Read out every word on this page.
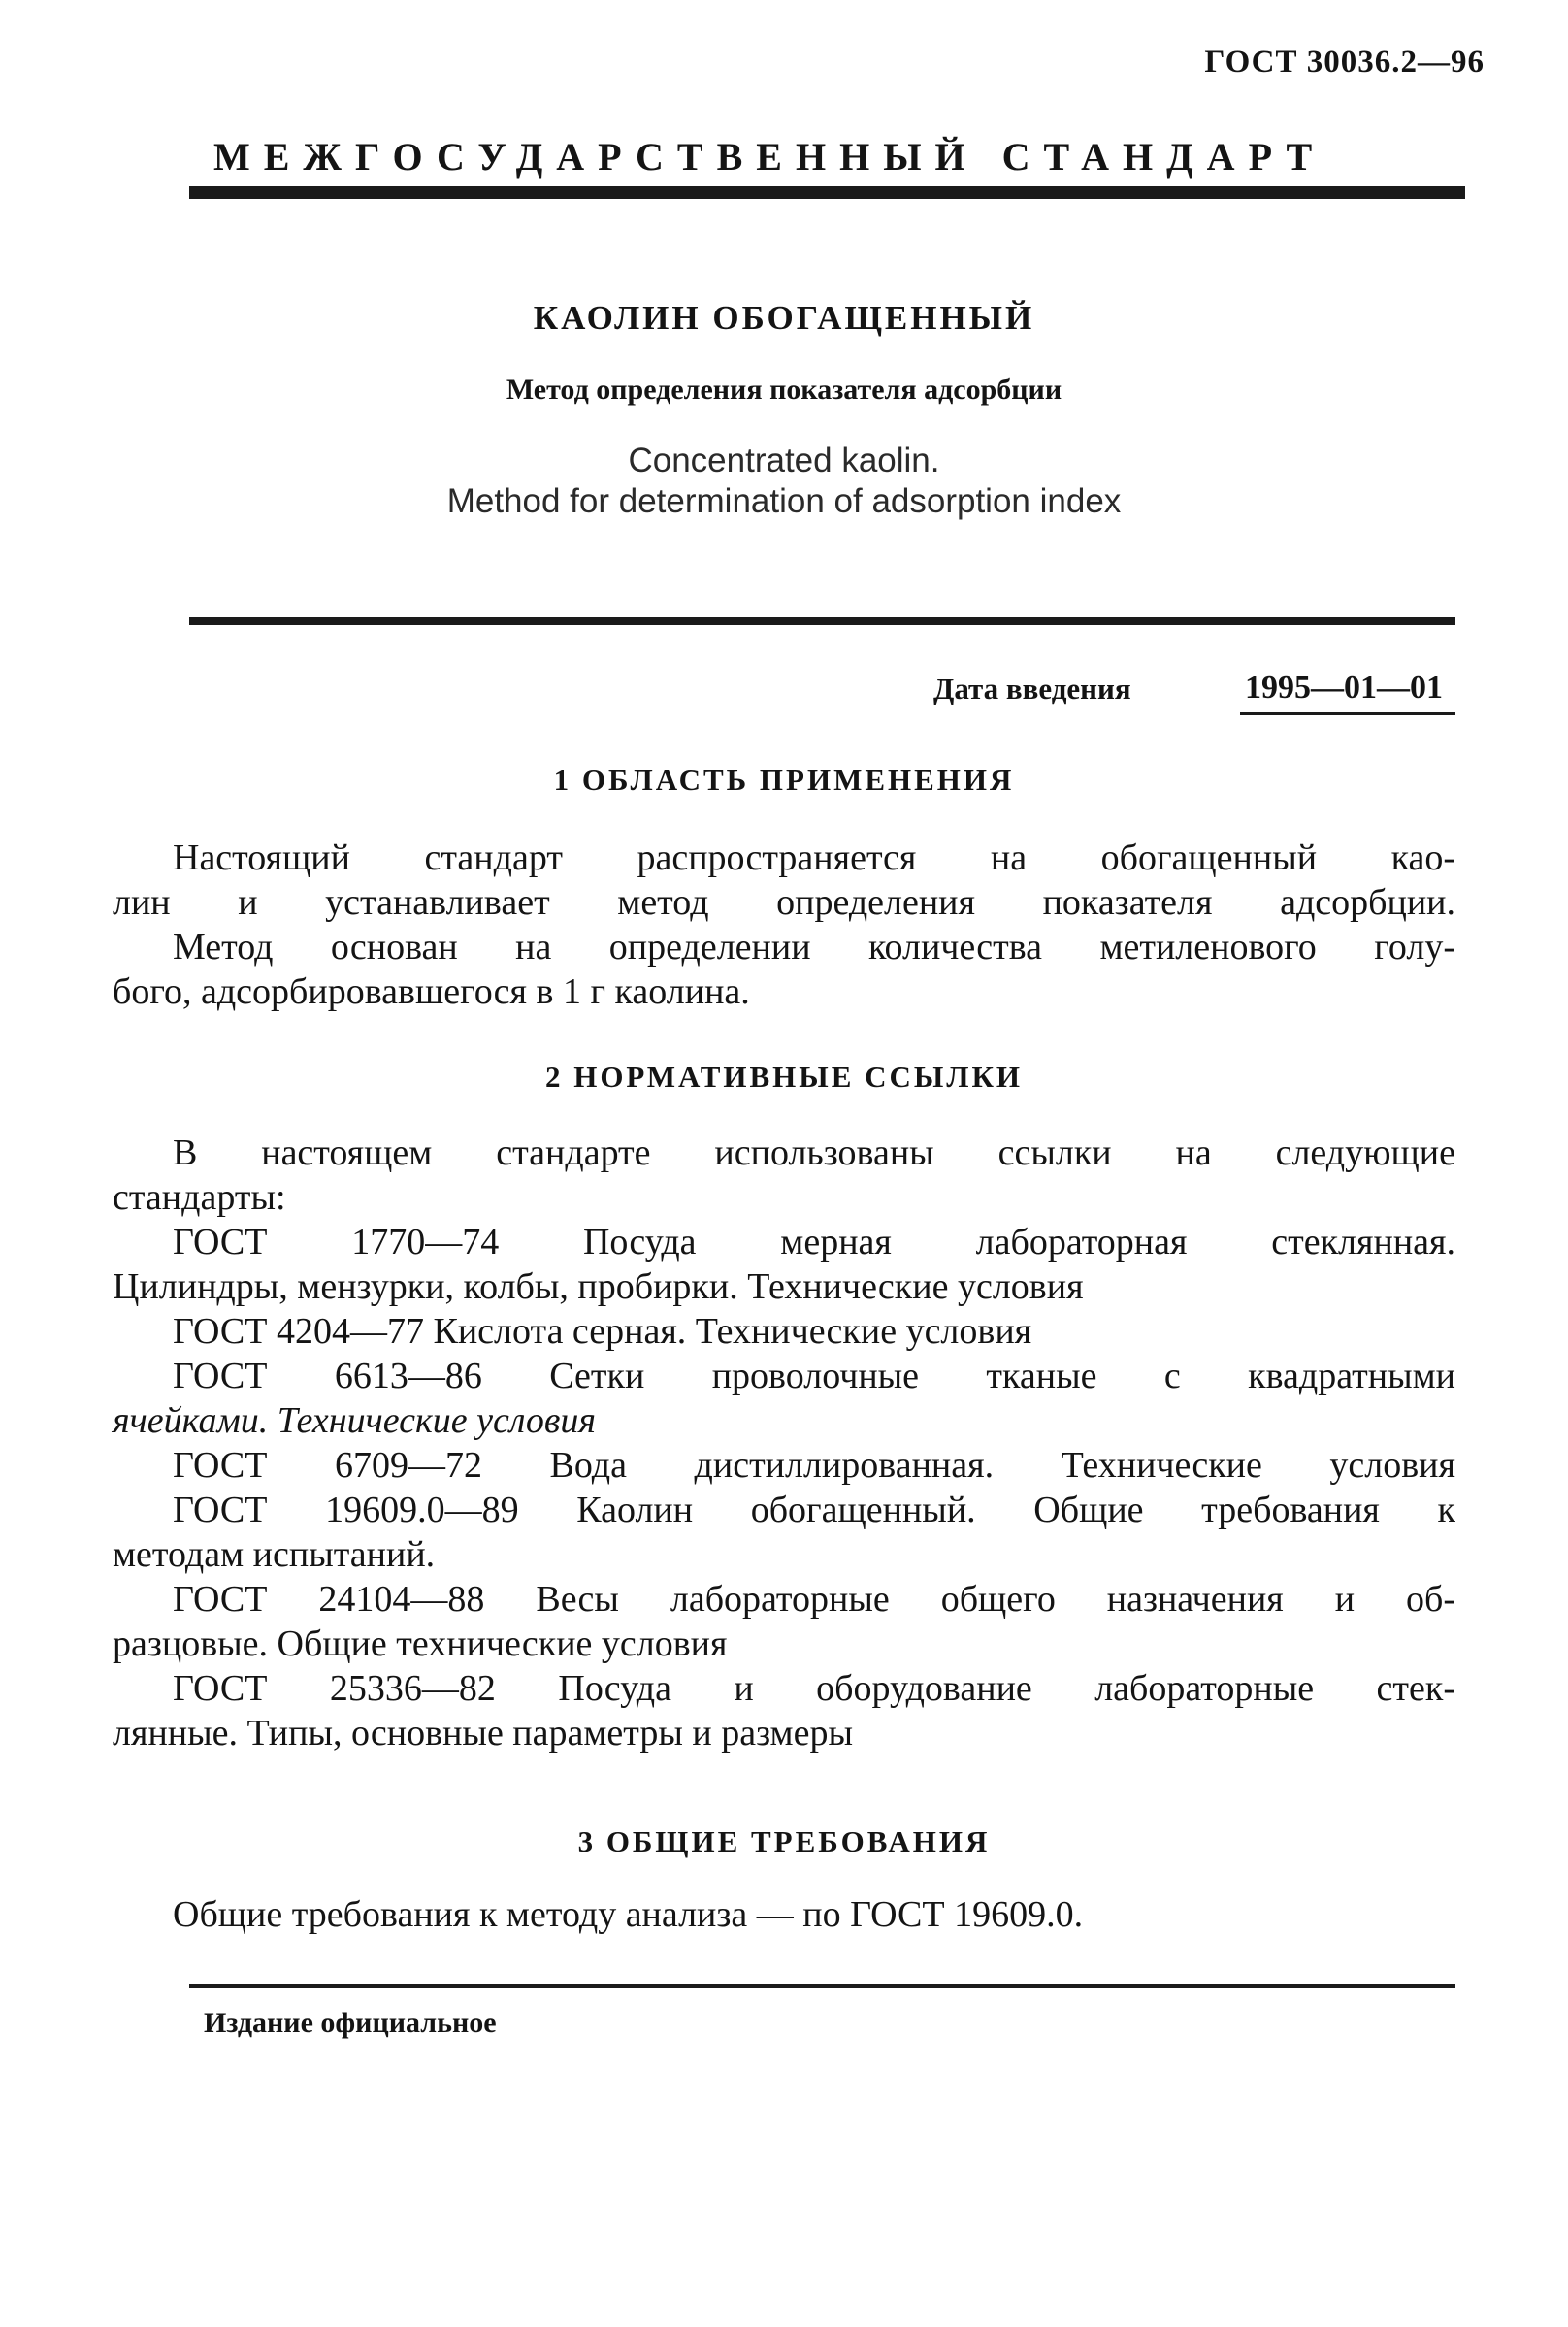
ГОСТ 30036.2—96
МЕЖГОСУДАРСТВЕННЫЙ СТАНДАРТ
КАОЛИН ОБОГАЩЕННЫЙ
Метод определения показателя адсорбции
Concentrated kaolin.
Method for determination of adsorption index
Дата введения	1995—01—01
1 ОБЛАСТЬ ПРИМЕНЕНИЯ
Настоящий стандарт распространяется на обогащенный као-
лин и устанавливает метод определения показателя адсорбции.
Метод основан на определении количества метиленового голу-
бого, адсорбировавшегося в 1 г каолина.
2 НОРМАТИВНЫЕ ССЫЛКИ
В настоящем стандарте использованы ссылки на следующие
стандарты:
ГОСТ 1770—74 Посуда мерная лабораторная стеклянная.
Цилиндры, мензурки, колбы, пробирки. Технические условия
ГОСТ 4204—77 Кислота серная. Технические условия
ГОСТ 6613—86 Сетки проволочные тканые с квадратными
ячейками. Технические условия
ГОСТ 6709—72 Вода дистиллированная. Технические условия
ГОСТ 19609.0—89 Каолин обогащенный. Общие требования к
методам испытаний.
ГОСТ 24104—88 Весы лабораторные общего назначения и об-
разцовые. Общие технические условия
ГОСТ 25336—82 Посуда и оборудование лабораторные стек-
лянные. Типы, основные параметры и размеры
Издание официальное
3 ОБЩИЕ ТРЕБОВАНИЯ
Общие требования к методу анализа — по ГОСТ 19609.0.
